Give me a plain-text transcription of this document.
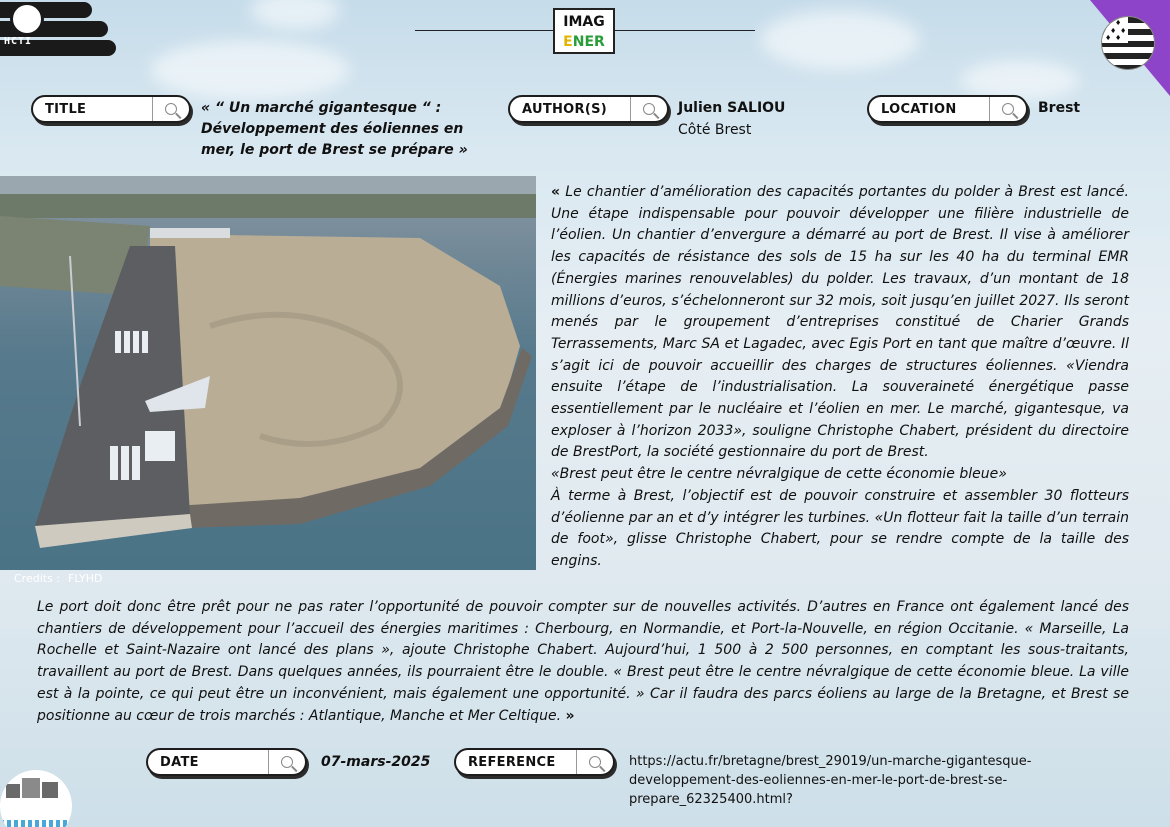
HCTI
IMAG
ENER
♦ ♦
♦ ♦
♦ ♦
TITLE	« “ Un marché gigantesque “ : Développement des éoliennes en mer, le port de Brest se prépare »
AUTHOR(S)	Julien SALIOU
Côté Brest
LOCATION	Brest
Credits : FLYHD

« Le chantier d’amélioration des capacités portantes du polder à Brest est lancé. Une étape indispensable pour pouvoir développer une filière industrielle de l’éolien. Un chantier d’envergure a démarré au port de Brest. Il vise à améliorer les capacités de résistance des sols de 15 ha sur les 40 ha du terminal EMR (Énergies marines renouvelables) du polder. Les travaux, d’un montant de 18 millions d’euros, s’échelonneront sur 32 mois, soit jusqu’en juillet 2027. Ils seront menés par le groupement d’entreprises constitué de Charier Grands Terrassements, Marc SA et Lagadec, avec Egis Port en tant que maître d’œuvre. Il s’agit ici de pouvoir accueillir des charges de structures éoliennes. «Viendra ensuite l’étape de l’industrialisation. La souveraineté énergétique passe essentiellement par le nucléaire et l’éolien en mer. Le marché, gigantesque, va exploser à l’horizon 2033», souligne Christophe Chabert, président du directoire de BrestPort, la société gestionnaire du port de Brest.

«Brest peut être le centre névralgique de cette économie bleue»

À terme à Brest, l’objectif est de pouvoir construire et assembler 30 flotteurs d’éolienne par an et d’y intégrer les turbines. «Un flotteur fait la taille d’un terrain de foot», glisse Christophe Chabert, pour se rendre compte de la taille des engins.

Le port doit donc être prêt pour ne pas rater l’opportunité de pouvoir compter sur de nouvelles activités. D’autres en France ont également lancé des chantiers de développement pour l’accueil des énergies maritimes : Cherbourg, en Normandie, et Port-la-Nouvelle, en région Occitanie. « Marseille, La Rochelle et Saint-Nazaire ont lancé des plans », ajoute Christophe Chabert. Aujourd’hui, 1 500 à 2 500 personnes, en comptant les sous-traitants, travaillent au port de Brest. Dans quelques années, ils pourraient être le double. « Brest peut être le centre névralgique de cette économie bleue. La ville est à la pointe, ce qui peut être un inconvénient, mais également une opportunité. » Car il faudra des parcs éoliens au large de la Bretagne, et Brest se positionne au cœur de trois marchés : Atlantique, Manche et Mer Celtique. »
DATE	07-mars-2025	REFERENCE	https://actu.fr/bretagne/brest_29019/un-marche-gigantesque-developpement-des-eoliennes-en-mer-le-port-de-brest-se-prepare_62325400.html?
